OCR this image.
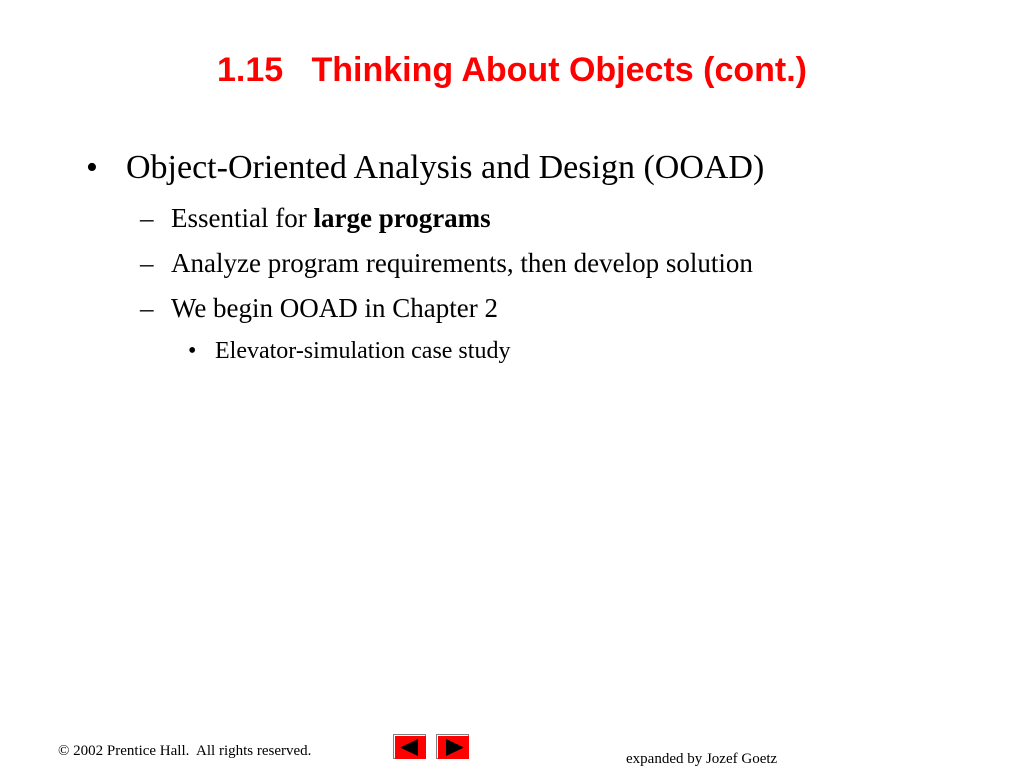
1.15   Thinking About Objects (cont.)
• Object-Oriented Analysis and Design (OOAD)
– Essential for large programs
– Analyze program requirements, then develop solution
– We begin OOAD in Chapter 2
• Elevator-simulation case study
© 2002 Prentice Hall.  All rights reserved.	expanded by Jozef Goetz
